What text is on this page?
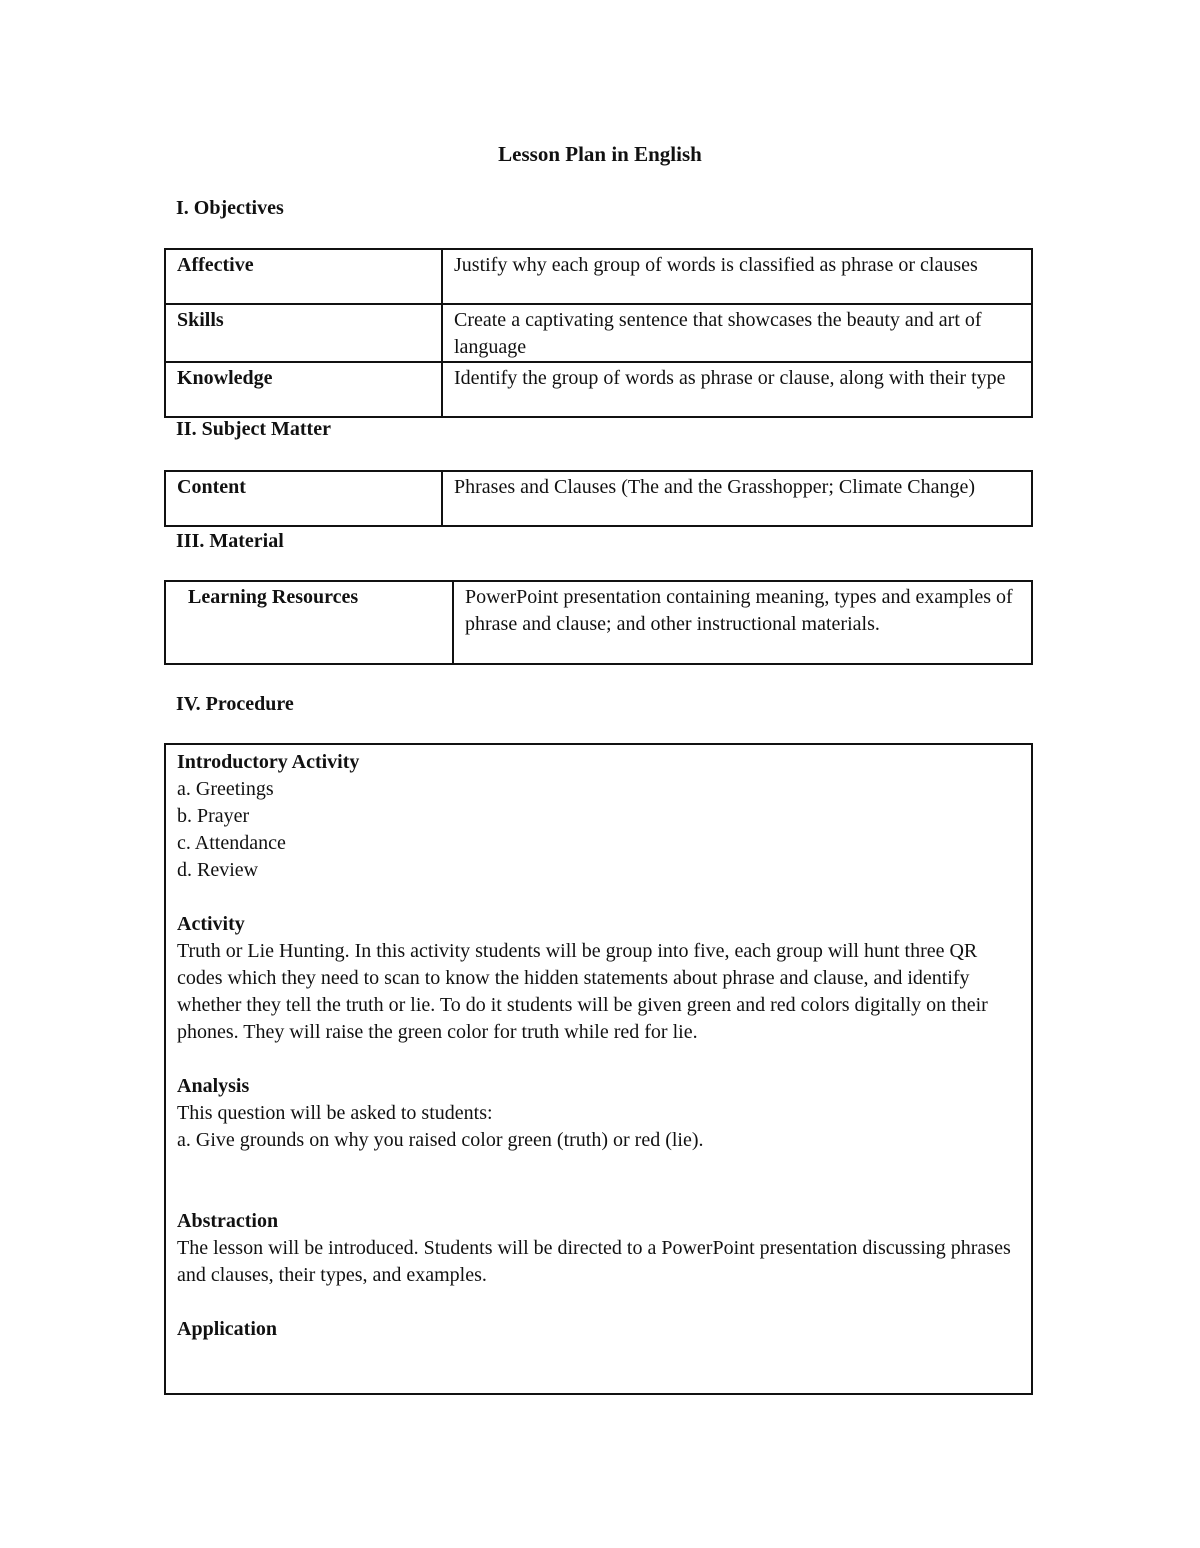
Lesson Plan in English
I. Objectives
Affective	Justify why each group of words is classified as phrase or clauses
Skills	Create a captivating sentence that showcases the beauty and art of language
Knowledge	Identify the group of words as phrase or clause, along with their type
II. Subject Matter
Content	Phrases and Clauses (The and the Grasshopper; Climate Change)
III. Material
Learning Resources	PowerPoint presentation containing meaning, types and examples of phrase and clause; and other instructional materials.
IV. Procedure
Introductory Activity
a. Greetings
b. Prayer
c. Attendance
d. Review
Activity
Truth or Lie Hunting. In this activity students will be group into five, each group will hunt three QR codes which they need to scan to know the hidden statements about phrase and clause, and identify whether they tell the truth or lie. To do it students will be given green and red colors digitally on their phones. They will raise the green color for truth while red for lie.
Analysis
This question will be asked to students:
a. Give grounds on why you raised color green (truth) or red (lie).
Abstraction
The lesson will be introduced. Students will be directed to a PowerPoint presentation discussing phrases and clauses, their types, and examples.
Application
